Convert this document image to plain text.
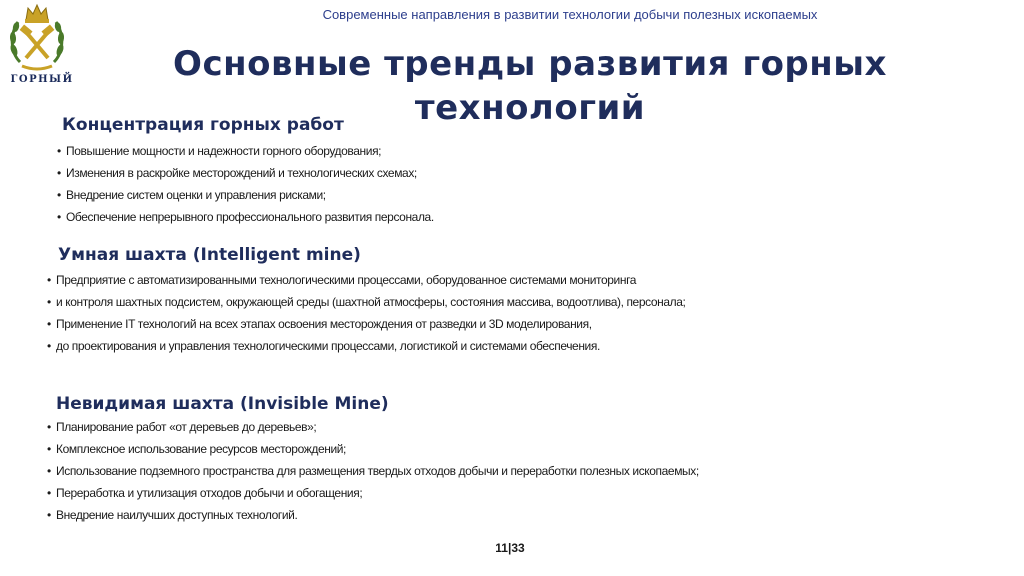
ГОРНЫЙ
Современные направления в развитии технологии добычи полезных ископаемых
Основные тренды развития горных технологий
Концентрация горных работ
• Повышение мощности и надежности горного оборудования;
• Изменения в раскройке месторождений и технологических схемах;
• Внедрение систем оценки и управления рисками;
• Обеспечение непрерывного профессионального развития персонала.
Умная шахта (Intelligent mine)
• Предприятие с автоматизированными технологическими процессами, оборудованное системами мониторинга
• и контроля шахтных подсистем, окружающей среды (шахтной атмосферы, состояния массива, водоотлива), персонала;
• Применение IT технологий на всех этапах освоения месторождения от разведки и 3D моделирования,
• до проектирования и управления технологическими процессами, логистикой и системами обеспечения.
Невидимая шахта (Invisible Mine)
• Планирование работ «от деревьев до деревьев»;
• Комплексное использование ресурсов месторождений;
• Использование подземного пространства для размещения твердых отходов добычи и переработки полезных ископаемых;
• Переработка и утилизация отходов добычи и обогащения;
• Внедрение наилучших доступных технологий.
11|33
